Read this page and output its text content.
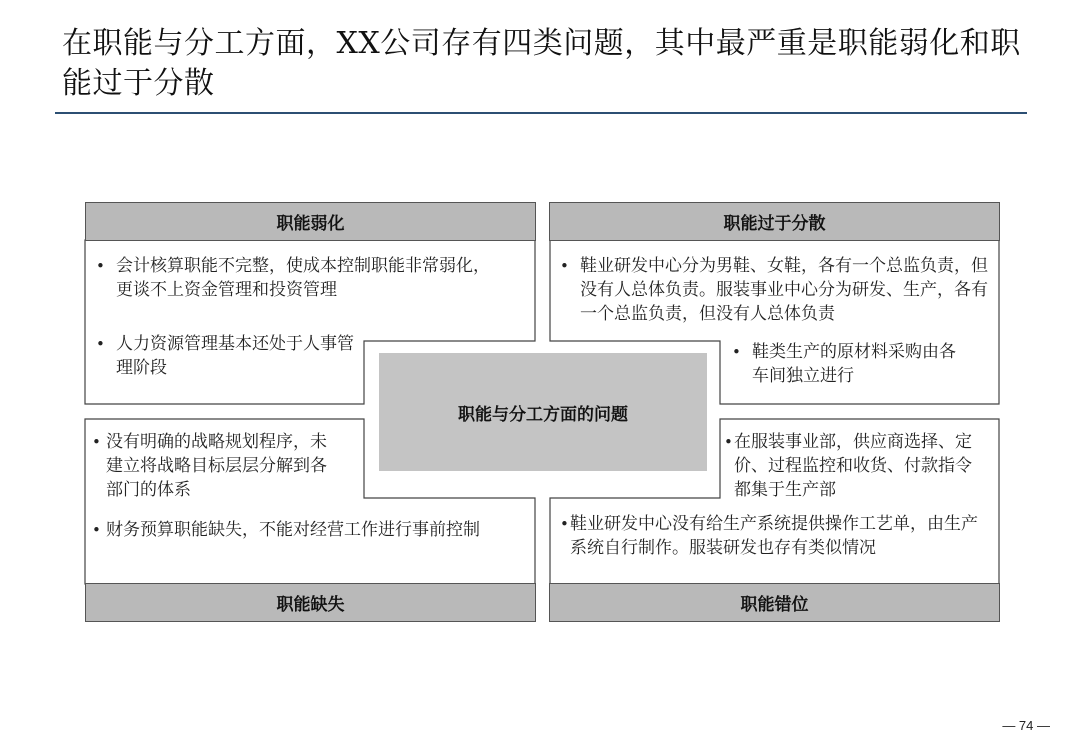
在职能与分工方面，XX公司存有四类问题，其中最严重是职能弱化和职能过于分散
职能弱化	职能过于分散
职能缺失	职能错位
• 会计核算职能不完整，使成本控制职能非常弱化，更谈不上资金管理和投资管理
• 人力资源管理基本还处于人事管理阶段
• 鞋业研发中心分为男鞋、女鞋，各有一个总监负责，但没有人总体负责。服装事业中心分为研发、生产，各有一个总监负责，但没有人总体负责
• 鞋类生产的原材料采购由各车间独立进行
• 没有明确的战略规划程序，未建立将战略目标层层分解到各部门的体系
• 财务预算职能缺失，不能对经营工作进行事前控制
• 在服装事业部，供应商选择、定价、过程监控和收货、付款指令都集于生产部
• 鞋业研发中心没有给生产系统提供操作工艺单，由生产系统自行制作。服装研发也存有类似情况
职能与分工方面的问题
— 74 —
